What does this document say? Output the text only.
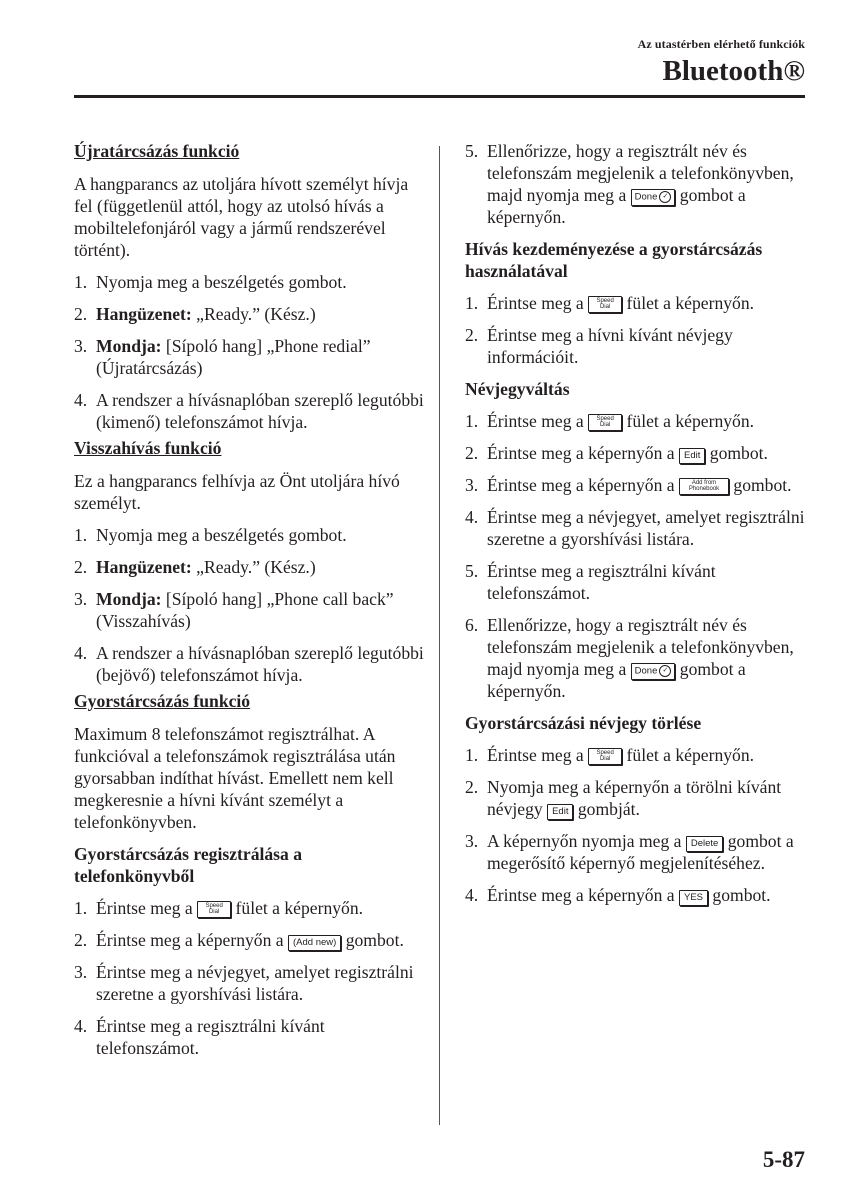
Az utastérben elérhető funkciók
Bluetooth®
Újratárcsázás funkció

A hangparancs az utoljára hívott személyt hívja fel (függetlenül attól, hogy az utolsó hívás a mobiltelefonjáról vagy a jármű rendszerével történt).

1. Nyomja meg a beszélgetés gombot.
2. Hangüzenet: „Ready.” (Kész.)
3. Mondja: [Sípoló hang] „Phone redial” (Újratárcsázás)
4. A rendszer a hívásnaplóban szereplő legutóbbi (kimenő) telefonszámot hívja.
Visszahívás funkció

Ez a hangparancs felhívja az Önt utoljára hívó személyt.

1. Nyomja meg a beszélgetés gombot.
2. Hangüzenet: „Ready.” (Kész.)
3. Mondja: [Sípoló hang] „Phone call back” (Visszahívás)
4. A rendszer a hívásnaplóban szereplő legutóbbi (bejövő) telefonszámot hívja.
Gyorstárcsázás funkció

Maximum 8 telefonszámot regisztrálhat. A funkcióval a telefonszámok regisztrálása után gyorsabban indíthat hívást. Emellett nem kell megkeresnie a hívni kívánt személyt a telefonkönyvben.

Gyorstárcsázás regisztrálása a telefonkönyvből
1. Érintse meg a Speed
Dial fület a képernyőn.
2. Érintse meg a képernyőn a (Add new) gombot.
3. Érintse meg a névjegyet, amelyet regisztrálni szeretne a gyorshívási listára.
4. Érintse meg a regisztrálni kívánt telefonszámot.
5. Ellenőrizze, hogy a regisztrált név és telefonszám megjelenik a telefonkönyvben, majd nyomja meg a Done ✓ gombot a képernyőn.
Hívás kezdeményezése a gyorstárcsázás használatával
1. Érintse meg a Speed
Dial fület a képernyőn.
2. Érintse meg a hívni kívánt névjegy információit.
Névjegyváltás
1. Érintse meg a Speed
Dial fület a képernyőn.
2. Érintse meg a képernyőn a Edit gombot.
3. Érintse meg a képernyőn a Add from
Phonebook gombot.
4. Érintse meg a névjegyet, amelyet regisztrálni szeretne a gyorshívási listára.
5. Érintse meg a regisztrálni kívánt telefonszámot.
6. Ellenőrizze, hogy a regisztrált név és telefonszám megjelenik a telefonkönyvben, majd nyomja meg a Done ✓ gombot a képernyőn.
Gyorstárcsázási névjegy törlése
1. Érintse meg a Speed
Dial fület a képernyőn.
2. Nyomja meg a képernyőn a törölni kívánt névjegy Edit gombját.
3. A képernyőn nyomja meg a Delete gombot a megerősítő képernyő megjelenítéséhez.
4. Érintse meg a képernyőn a YES gombot.
5-87
